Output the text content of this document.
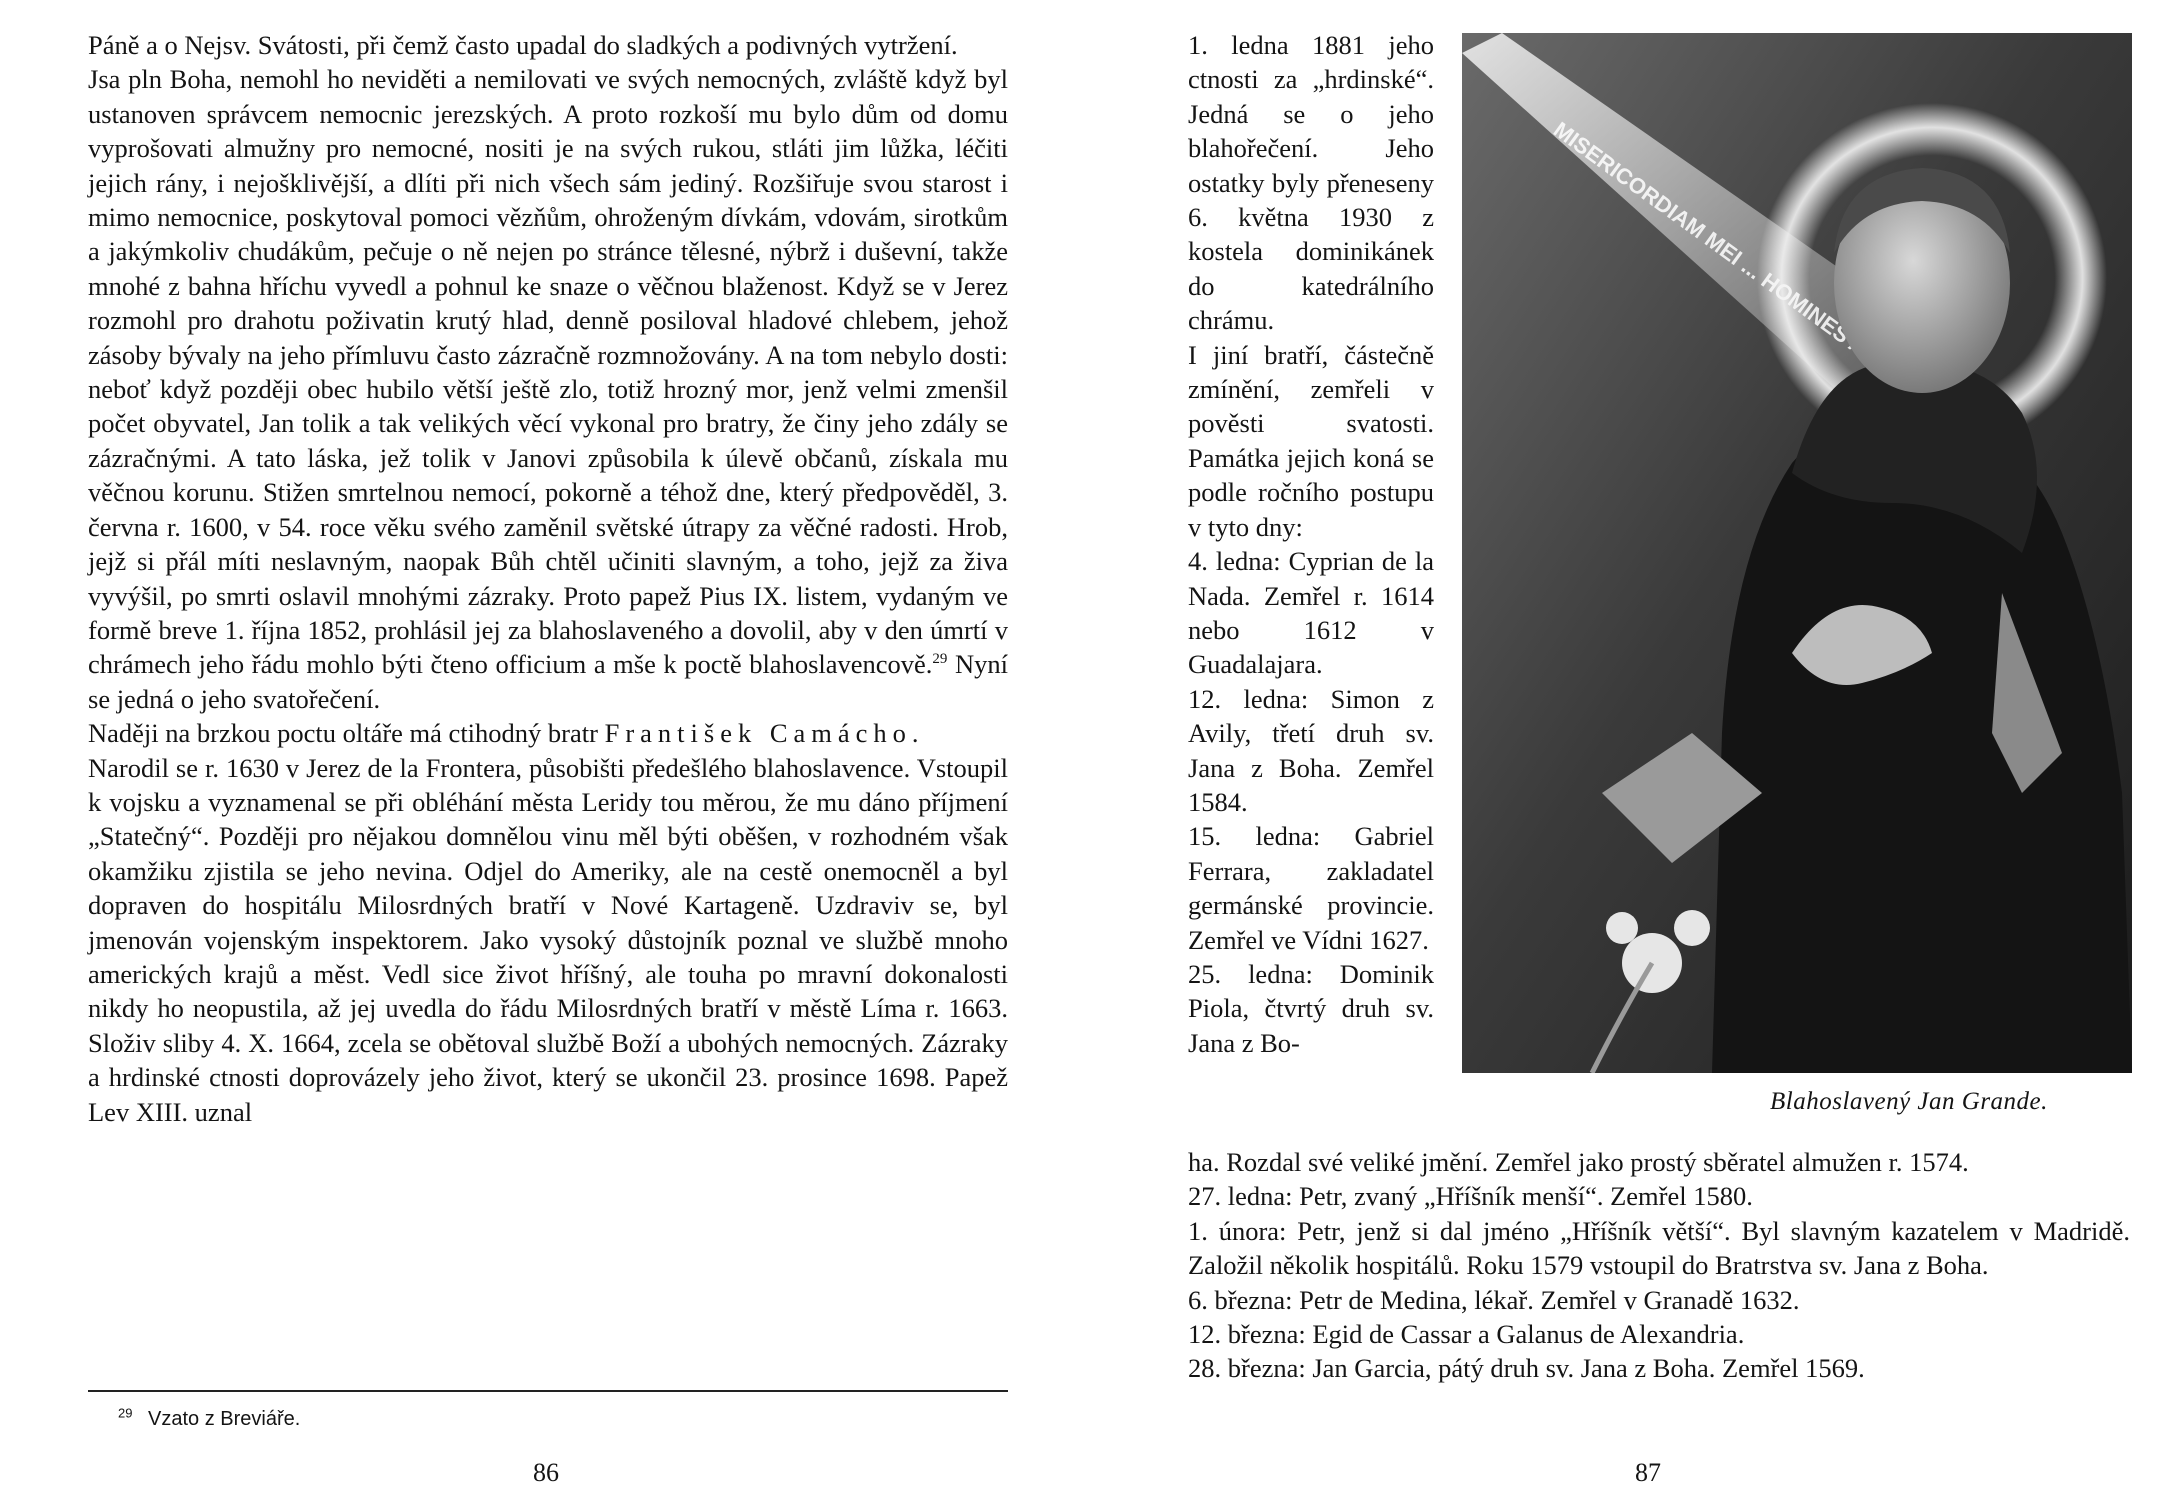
Páně a o Nejsv. Svátosti, při čemž často upadal do sladkých a podivných vytržení.

Jsa pln Boha, nemohl ho neviděti a nemilovati ve svých nemocných, zvláště když byl ustanoven správcem nemocnic jerezských. A proto rozkoší mu bylo dům od domu vyprošovati almužny pro nemocné, nositi je na svých rukou, stláti jim lůžka, léčiti jejich rány, i nejošklivější, a dlíti při nich všech sám jediný. Rozšiřuje svou starost i mimo nemocnice, poskytoval pomoci vězňům, ohroženým dívkám, vdovám, sirotkům a jakýmkoliv chudákům, pečuje o ně nejen po stránce tělesné, nýbrž i duševní, takže mnohé z bahna hříchu vyvedl a pohnul ke snaze o věčnou blaženost. Když se v Jerez rozmohl pro drahotu poživatin krutý hlad, denně posiloval hladové chlebem, jehož zásoby bývaly na jeho přímluvu často zázračně rozmnožovány. A na tom nebylo dosti: neboť když později obec hubilo větší ještě zlo, totiž hrozný mor, jenž velmi zmenšil počet obyvatel, Jan tolik a tak velikých věcí vykonal pro bratry, že činy jeho zdály se zázračnými. A tato láska, jež tolik v Janovi způsobila k úlevě občanů, získala mu věčnou korunu. Stižen smrtelnou nemocí, pokorně a téhož dne, který předpověděl, 3. června r. 1600, v 54. roce věku svého zaměnil světské útrapy za věčné radosti. Hrob, jejž si přál míti neslavným, naopak Bůh chtěl učiniti slavným, a toho, jejž za živa vyvýšil, po smrti oslavil mnohými zázraky. Proto papež Pius IX. listem, vydaným ve formě breve 1. října 1852, prohlásil jej za blahoslaveného a dovolil, aby v den úmrtí v chrámech jeho řádu mohlo býti čteno officium a mše k poctě blahoslavencově.$^{29}$ Nyní se jedná o jeho svatořečení.

Naději na brzkou poctu oltáře má ctihodný bratr František Camácho.

Narodil se r. 1630 v Jerez de la Frontera, působišti předešlého blahoslavence. Vstoupil k vojsku a vyznamenal se při obléhání města Leridy tou měrou, že mu dáno příjmení „Statečný“. Později pro nějakou domnělou vinu měl býti oběšen, v rozhodném však okamžiku zjistila se jeho nevina. Odjel do Ameriky, ale na cestě onemocněl a byl dopraven do hospitálu Milosrdných bratří v Nové Kartageně. Uzdraviv se, byl jmenován vojenským inspektorem. Jako vysoký důstojník poznal ve službě mnoho amerických krajů a měst. Vedl sice život hříšný, ale touha po mravní dokonalosti nikdy ho neopustila, až jej uvedla do řádu Milosrdných bratří v městě Líma r. 1663. Složiv sliby 4. X. 1664, zcela se obětoval službě Boží a ubohých nemocných. Zázraky a hrdinské ctnosti doprovázely jeho život, který se ukončil 23. prosince 1698. Papež Lev XIII. uznal

$^{29}$ Vzato z Breviáře.
86

1. ledna 1881 jeho ctnosti za „hrdinské“. Jedná se o jeho blahořečení. Jeho ostatky byly přeneseny 6. května 1930 z kostela dominikánek do katedrálního chrámu.

I jiní bratří, částečně zmínění, zemřeli v pověsti svatosti. Památka jejich koná se podle ročního postupu v tyto dny:

4. ledna: Cyprian de la Nada. Zemřel r. 1614 nebo 1612 v Guadalajara.

12. ledna: Simon z Avily, třetí druh sv. Jana z Boha. Zemřel 1584.

15. ledna: Gabriel Ferrara, zakladatel germánské provincie. Zemřel ve Vídni 1627.

25. ledna: Dominik Piola, čtvrtý druh sv. Jana z Bo-

MISERICORDIAM MEI ...
Blahoslavený Jan Grande.

ha. Rozdal své veliké jmění. Zemřel jako prostý sběratel almužen r. 1574.

27. ledna: Petr, zvaný „Hříšník menší“. Zemřel 1580.

1. února: Petr, jenž si dal jméno „Hříšník větší“. Byl slavným kazatelem v Madridě. Založil několik hospitálů. Roku 1579 vstoupil do Bratrstva sv. Jana z Boha.

6. března: Petr de Medina, lékař. Zemřel v Granadě 1632.

12. března: Egid de Cassar a Galanus de Alexandria.

28. března: Jan Garcia, pátý druh sv. Jana z Boha. Zemřel 1569.

87
